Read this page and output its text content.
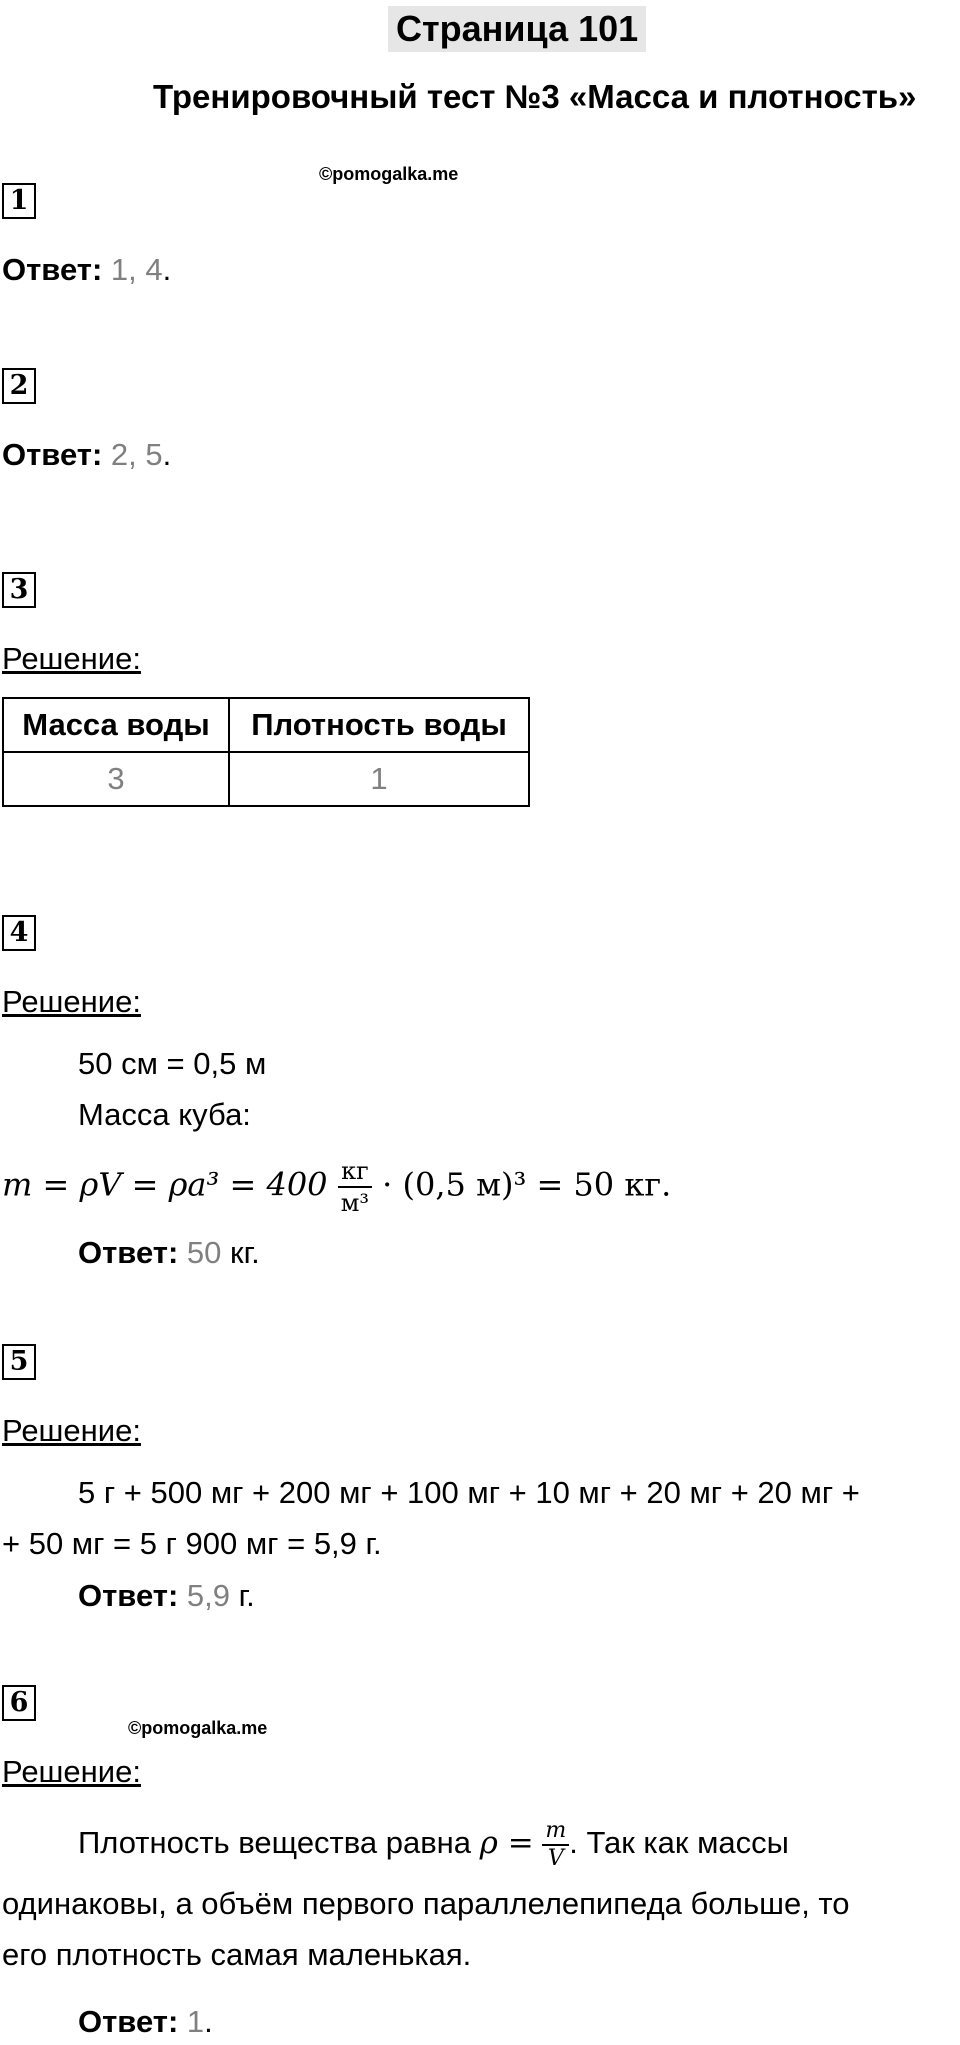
Страница 101
Тренировочный тест №3 «Масса и плотность»
©pomogalka.me
1
Ответ: 1, 4.
2
Ответ: 2, 5.
3
Решение:
Масса воды	Плотность воды
3	1
4
Решение:
50 см = 0,5 м
Масса куба:
$m = \rho V = \rho a^3 = 400 \frac{кг}{\text{м³}} \cdot (0,5$ м)³ = 50 кг.
Ответ: 50 кг.
5
Решение:
5 г + 500 мг + 200 мг + 100 мг + 10 мг + 20 мг + 20 мг +
+ 50 мг = 5 г 900 мг = 5,9 г.
Ответ: 5,9 г.
6
©pomogalka.me
Решение:
Плотность вещества равна $\rho = \frac{m}{V}$ . Так как массы
одинаковы, а объём первого параллелепипеда больше, то
его плотность самая маленькая.
Ответ: 1.
